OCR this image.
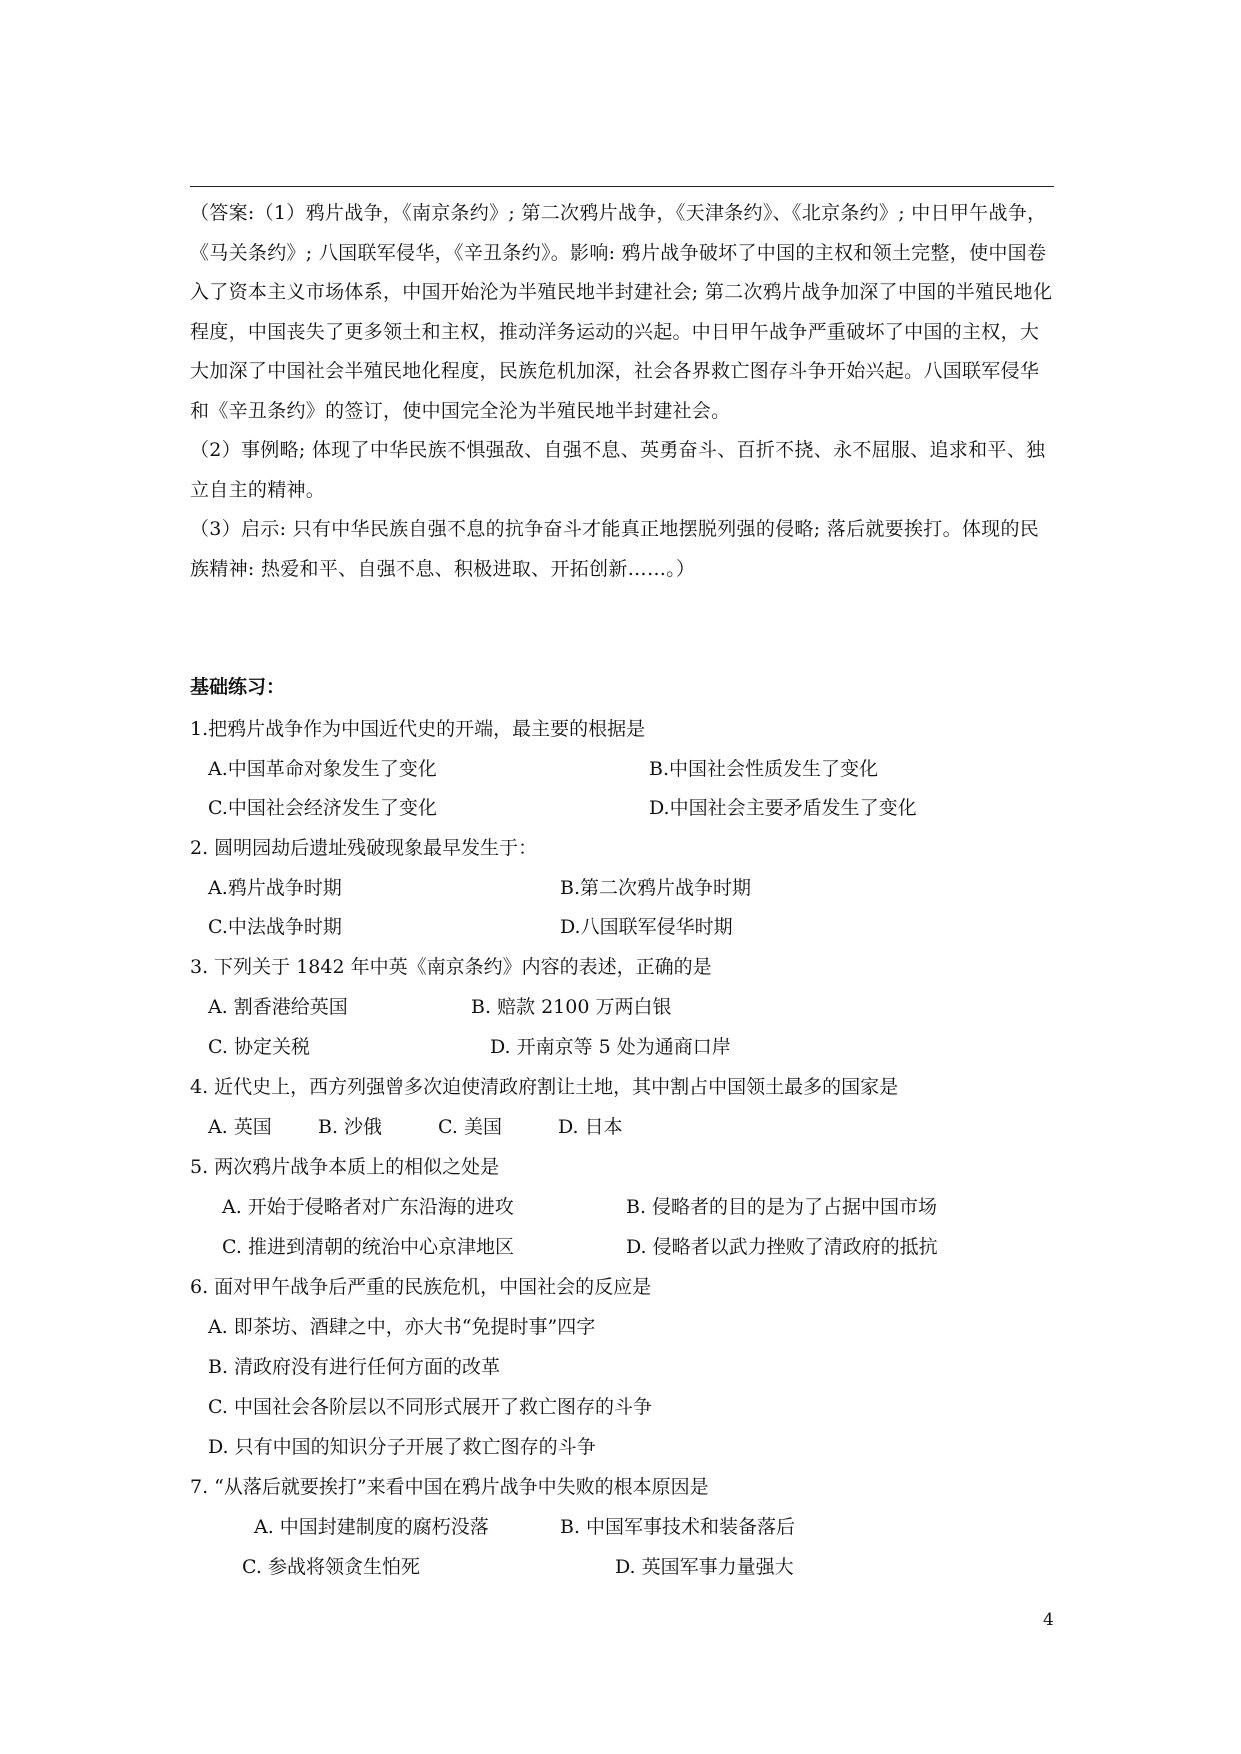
（答案:（1）鸦片战争，《南京条约》; 第二次鸦片战争，《天津条约》、《北京条约》; 中日甲午战争，《马关条约》; 八国联军侵华，《辛丑条约》。影响: 鸦片战争破坏了中国的主权和领土完整，使中国卷入了资本主义市场体系，中国开始沦为半殖民地半封建社会; 第二次鸦片战争加深了中国的半殖民地化程度，中国丧失了更多领土和主权，推动洋务运动的兴起。中日甲午战争严重破坏了中国的主权，大大加深了中国社会半殖民地化程度，民族危机加深，社会各界救亡图存斗争开始兴起。八国联军侵华和《辛丑条约》的签订，使中国完全沦为半殖民地半封建社会。

（2）事例略; 体现了中华民族不惧强敌、自强不息、英勇奋斗、百折不挠、永不屈服、追求和平、独立自主的精神。

（3）启示: 只有中华民族自强不息的抗争奋斗才能真正地摆脱列强的侵略; 落后就要挨打。体现的民族精神: 热爱和平、自强不息、积极进取、开拓创新……。）

基础练习：
1.把鸦片战争作为中国近代史的开端，最主要的根据是
A.中国革命对象发生了变化	B.中国社会性质发生了变化
C.中国社会经济发生了变化	D.中国社会主要矛盾发生了变化
2. 圆明园劫后遗址残破现象最早发生于：
A.鸦片战争时期	B.第二次鸦片战争时期
C.中法战争时期	D.八国联军侵华时期
3. 下列关于 1842 年中英《南京条约》内容的表述，正确的是
A. 割香港给英国	B. 赔款 2100 万两白银
C. 协定关税	D. 开南京等 5 处为通商口岸
4. 近代史上，西方列强曾多次迫使清政府割让土地，其中割占中国领土最多的国家是
A. 英国 B. 沙俄	C. 美国	D. 日本
5. 两次鸦片战争本质上的相似之处是
A. 开始于侵略者对广东沿海的进攻	B. 侵略者的目的是为了占据中国市场
C. 推进到清朝的统治中心京津地区	D. 侵略者以武力挫败了清政府的抵抗
6. 面对甲午战争后严重的民族危机，中国社会的反应是
A. 即茶坊、酒肆之中，亦大书“免提时事”四字
B. 清政府没有进行任何方面的改革
C. 中国社会各阶层以不同形式展开了救亡图存的斗争
D. 只有中国的知识分子开展了救亡图存的斗争
7. “从落后就要挨打”来看中国在鸦片战争中失败的根本原因是
A. 中国封建制度的腐朽没落	B. 中国军事技术和装备落后
C. 参战将领贪生怕死	D. 英国军事力量强大
4
